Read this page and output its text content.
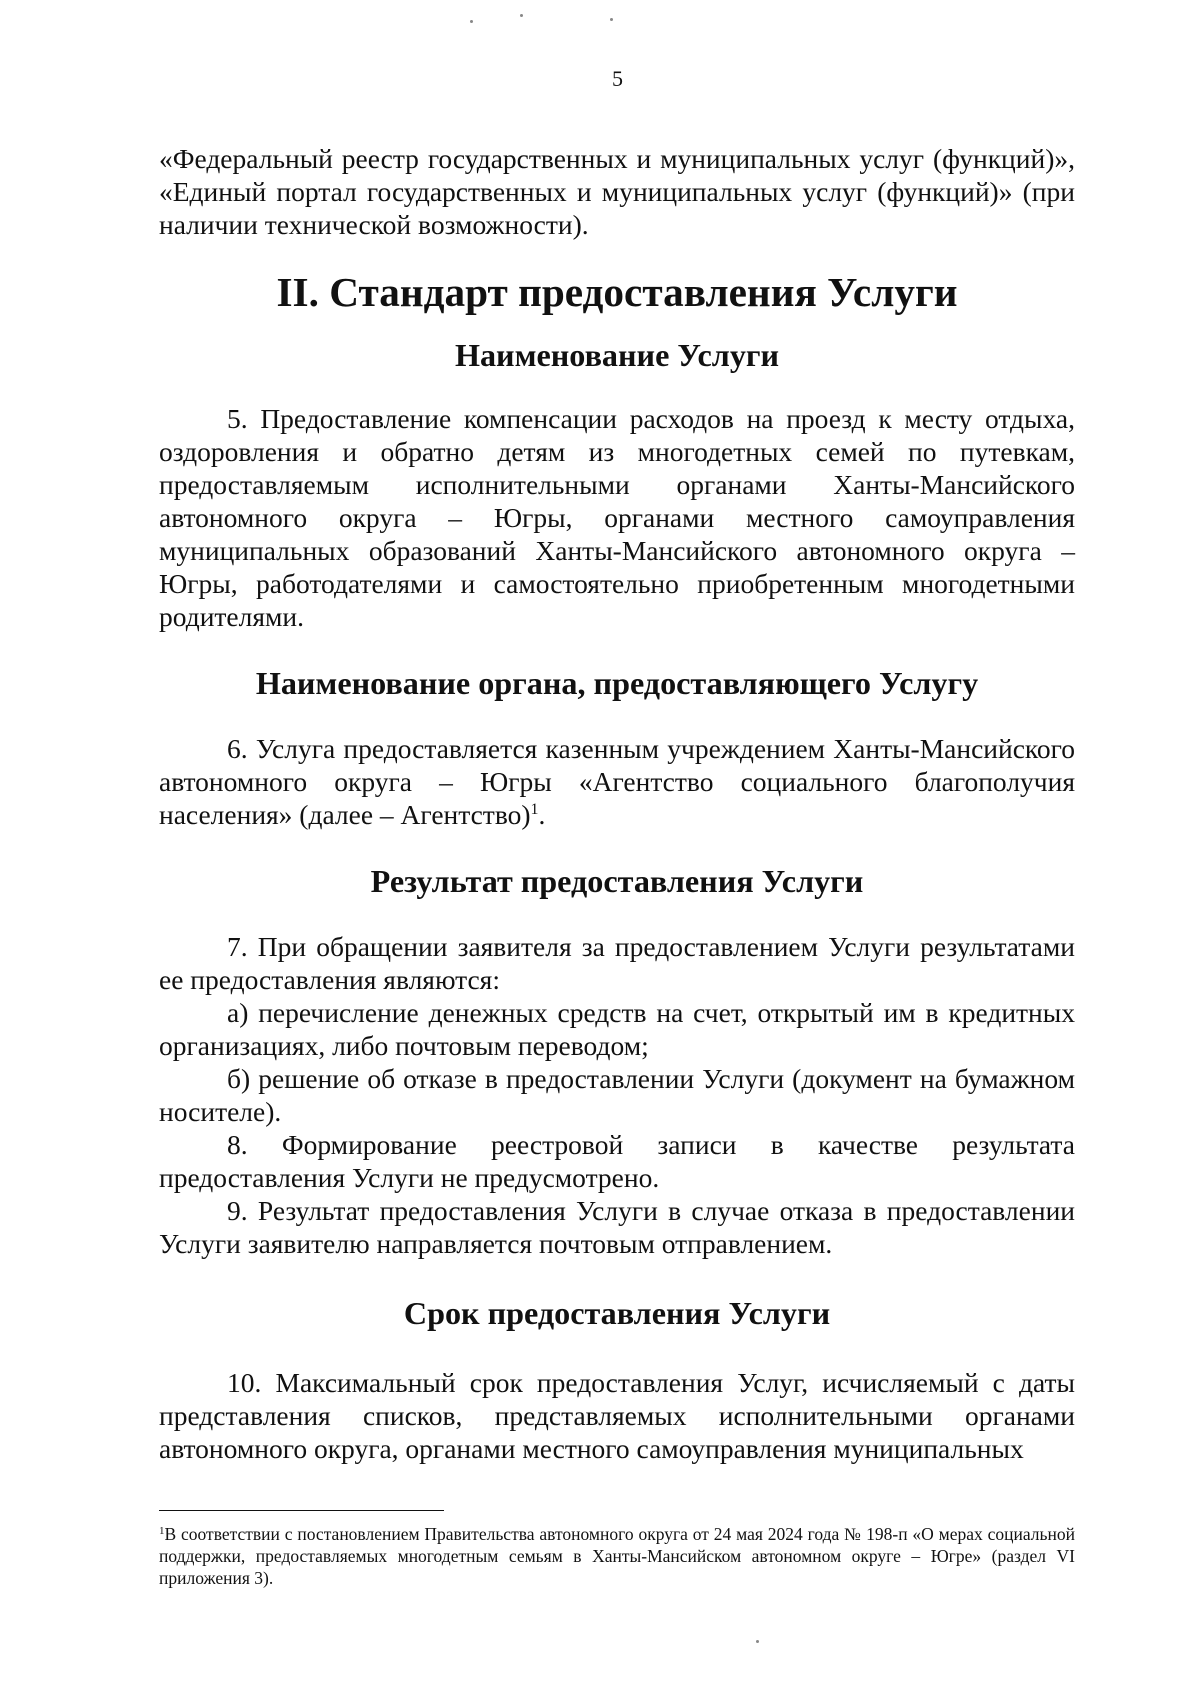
5

«Федеральный реестр государственных и муниципальных услуг (функций)», «Единый портал государственных и муниципальных услуг (функций)» (при наличии технической возможности).

II. Стандарт предоставления Услуги
Наименование Услуги

5. Предоставление компенсации расходов на проезд к месту отдыха, оздоровления и обратно детям из многодетных семей по путевкам, предоставляемым исполнительными органами Ханты-Мансийского автономного округа – Югры, органами местного самоуправления муниципальных образований Ханты-Мансийского автономного округа – Югры, работодателями и самостоятельно приобретенным многодетными родителями.

Наименование органа, предоставляющего Услугу

6. Услуга предоставляется казенным учреждением Ханты-Мансийского автономного округа – Югры «Агентство социального благополучия населения» (далее – Агентство)$^1$.

Результат предоставления Услуги

7. При обращении заявителя за предоставлением Услуги результатами ее предоставления являются:

а) перечисление денежных средств на счет, открытый им в кредитных организациях, либо почтовым переводом;

б) решение об отказе в предоставлении Услуги (документ на бумажном носителе).

8. Формирование реестровой записи в качестве результата предоставления Услуги не предусмотрено.

9. Результат предоставления Услуги в случае отказа в предоставлении Услуги заявителю направляется почтовым отправлением.

Срок предоставления Услуги

10. Максимальный срок предоставления Услуг, исчисляемый с даты представления списков, представляемых исполнительными органами автономного округа, органами местного самоуправления муниципальных

$^1$В соответствии с постановлением Правительства автономного округа от 24 мая 2024 года № 198-п «О мерах социальной поддержки, предоставляемых многодетным семьям в Ханты-Мансийском автономном округе – Югре» (раздел VI приложения 3).
